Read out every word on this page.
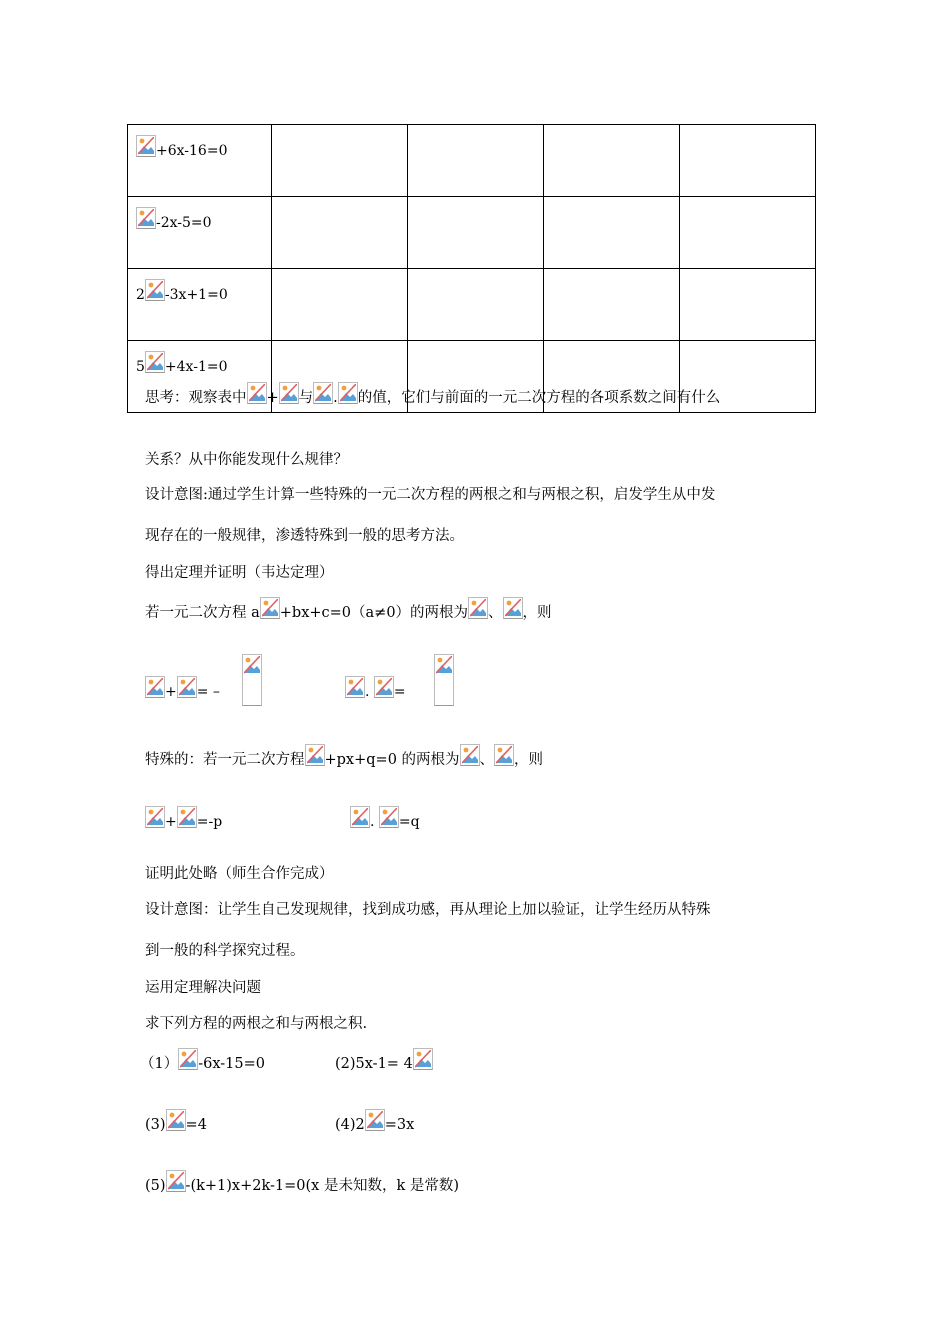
+6x-16=0				

-2x-5=0				
2 -3x+1=0				
5 +4x-1=0				
思考：观察表中 + 与 . 的值，它们与前面的一元二次方程的各项系数之间有什么
关系？从中你能发现什么规律？
设计意图:通过学生计算一些特殊的一元二次方程的两根之和与两根之积，启发学生从中发
现存在的一般规律，渗透特殊到一般的思考方法。
得出定理并证明（韦达定理）
若一元二次方程 a +bx+c=0（a≠0）的两根为 、 ，则
+ = –
	. =
特殊的：若一元二次方程 +px+q=0 的两根为 、 ，则
+ =-p	. =q
证明此处略（师生合作完成）
设计意图：让学生自己发现规律，找到成功感，再从理论上加以验证，让学生经历从特殊
到一般的科学探究过程。
运用定理解决问题
求下列方程的两根之和与两根之积.
（1） -6x-15=0	(2)5x-1= 4
(3) =4	(4)2 =3x
(5) -(k+1)x+2k-1=0(x 是未知数，k 是常数)
